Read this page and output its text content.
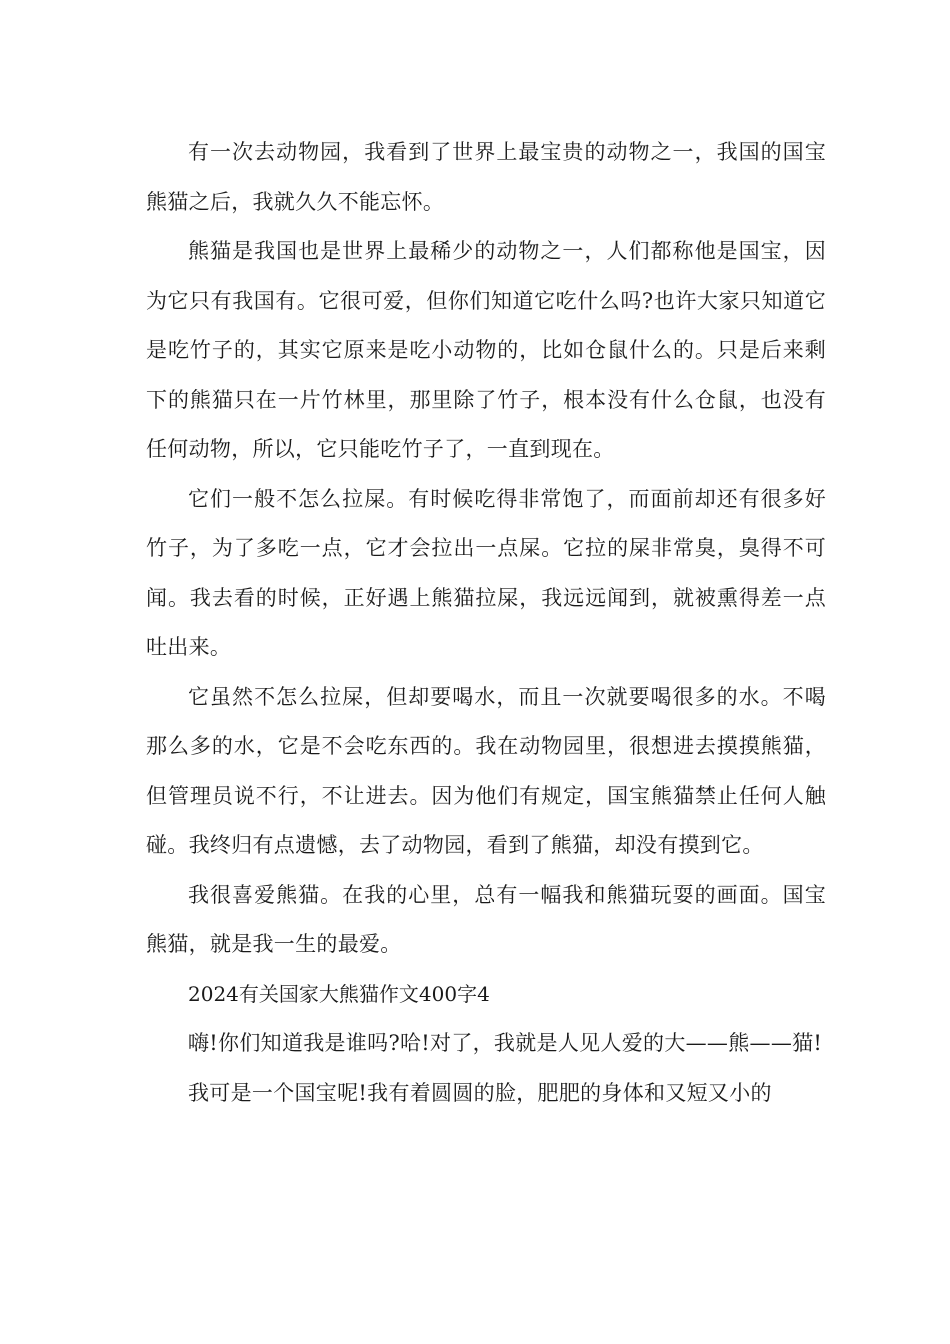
有一次去动物园，我看到了世界上最宝贵的动物之一，我国的国宝熊猫之后，我就久久不能忘怀。

熊猫是我国也是世界上最稀少的动物之一，人们都称他是国宝，因为它只有我国有。它很可爱，但你们知道它吃什么吗?也许大家只知道它是吃竹子的，其实它原来是吃小动物的，比如仓鼠什么的。只是后来剩下的熊猫只在一片竹林里，那里除了竹子，根本没有什么仓鼠，也没有任何动物，所以，它只能吃竹子了，一直到现在。

它们一般不怎么拉屎。有时候吃得非常饱了，而面前却还有很多好竹子，为了多吃一点，它才会拉出一点屎。它拉的屎非常臭，臭得不可闻。我去看的时候，正好遇上熊猫拉屎，我远远闻到，就被熏得差一点吐出来。

它虽然不怎么拉屎，但却要喝水，而且一次就要喝很多的水。不喝那么多的水，它是不会吃东西的。我在动物园里，很想进去摸摸熊猫，但管理员说不行，不让进去。因为他们有规定，国宝熊猫禁止任何人触碰。我终归有点遗憾，去了动物园，看到了熊猫，却没有摸到它。

我很喜爱熊猫。在我的心里，总有一幅我和熊猫玩耍的画面。国宝熊猫，就是我一生的最爱。

2024有关国家大熊猫作文400字4

嗨!你们知道我是谁吗?哈!对了，我就是人见人爱的大——熊——猫!

我可是一个国宝呢!我有着圆圆的脸，肥肥的身体和又短又小的
